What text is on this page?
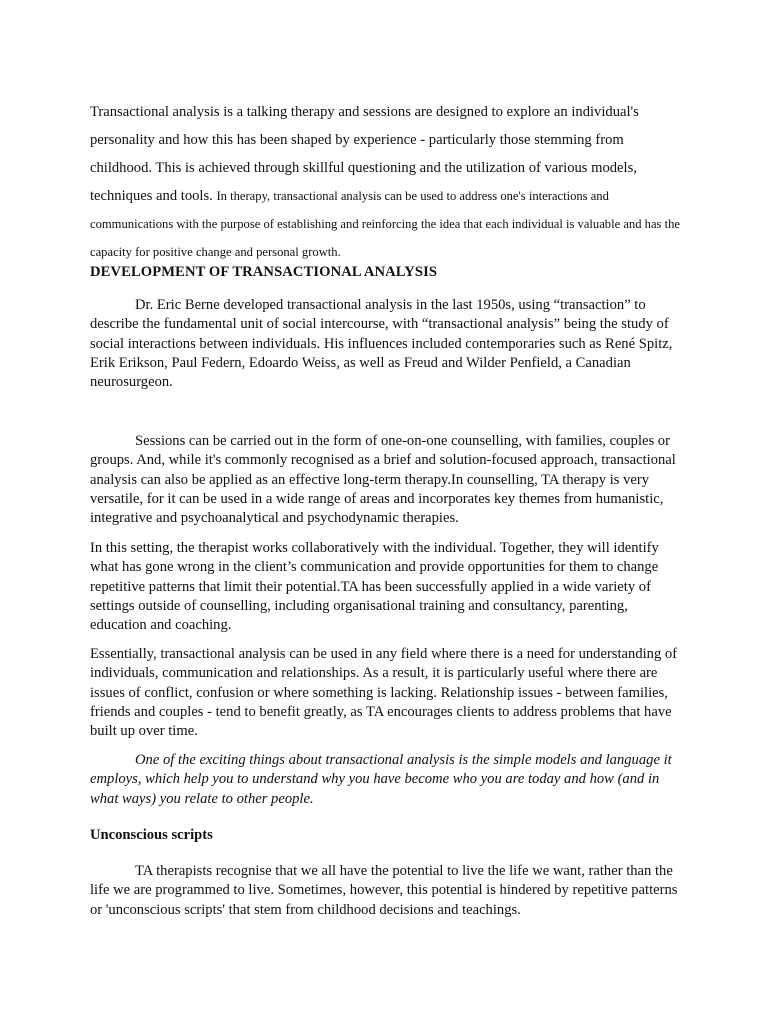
Transactional analysis is a talking therapy and sessions are designed to explore an individual's personality and how this has been shaped by experience - particularly those stemming from childhood. This is achieved through skillful questioning and the utilization of various models, techniques and tools. In therapy, transactional analysis can be used to address one's interactions and communications with the purpose of establishing and reinforcing the idea that each individual is valuable and has the capacity for positive change and personal growth.

DEVELOPMENT OF TRANSACTIONAL ANALYSIS

Dr. Eric Berne developed transactional analysis in the last 1950s, using “transaction” to describe the fundamental unit of social intercourse, with “transactional analysis” being the study of social interactions between individuals. His influences included contemporaries such as René Spitz, Erik Erikson, Paul Federn, Edoardo Weiss, as well as Freud and Wilder Penfield, a Canadian neurosurgeon.

Sessions can be carried out in the form of one-on-one counselling, with families, couples or groups. And, while it's commonly recognised as a brief and solution-focused approach, transactional analysis can also be applied as an effective long-term therapy.In counselling, TA therapy is very versatile, for it can be used in a wide range of areas and incorporates key themes from humanistic, integrative and psychoanalytical and psychodynamic therapies.

In this setting, the therapist works collaboratively with the individual. Together, they will identify what has gone wrong in the client’s communication and provide opportunities for them to change repetitive patterns that limit their potential.TA has been successfully applied in a wide variety of settings outside of counselling, including organisational training and consultancy, parenting, education and coaching.

Essentially, transactional analysis can be used in any field where there is a need for understanding of individuals, communication and relationships. As a result, it is particularly useful where there are issues of conflict, confusion or where something is lacking. Relationship issues - between families, friends and couples - tend to benefit greatly, as TA encourages clients to address problems that have built up over time.

One of the exciting things about transactional analysis is the simple models and language it employs, which help you to understand why you have become who you are today and how (and in what ways) you relate to other people.

Unconscious scripts

TA therapists recognise that we all have the potential to live the life we want, rather than the life we are programmed to live. Sometimes, however, this potential is hindered by repetitive patterns or 'unconscious scripts' that stem from childhood decisions and teachings.
